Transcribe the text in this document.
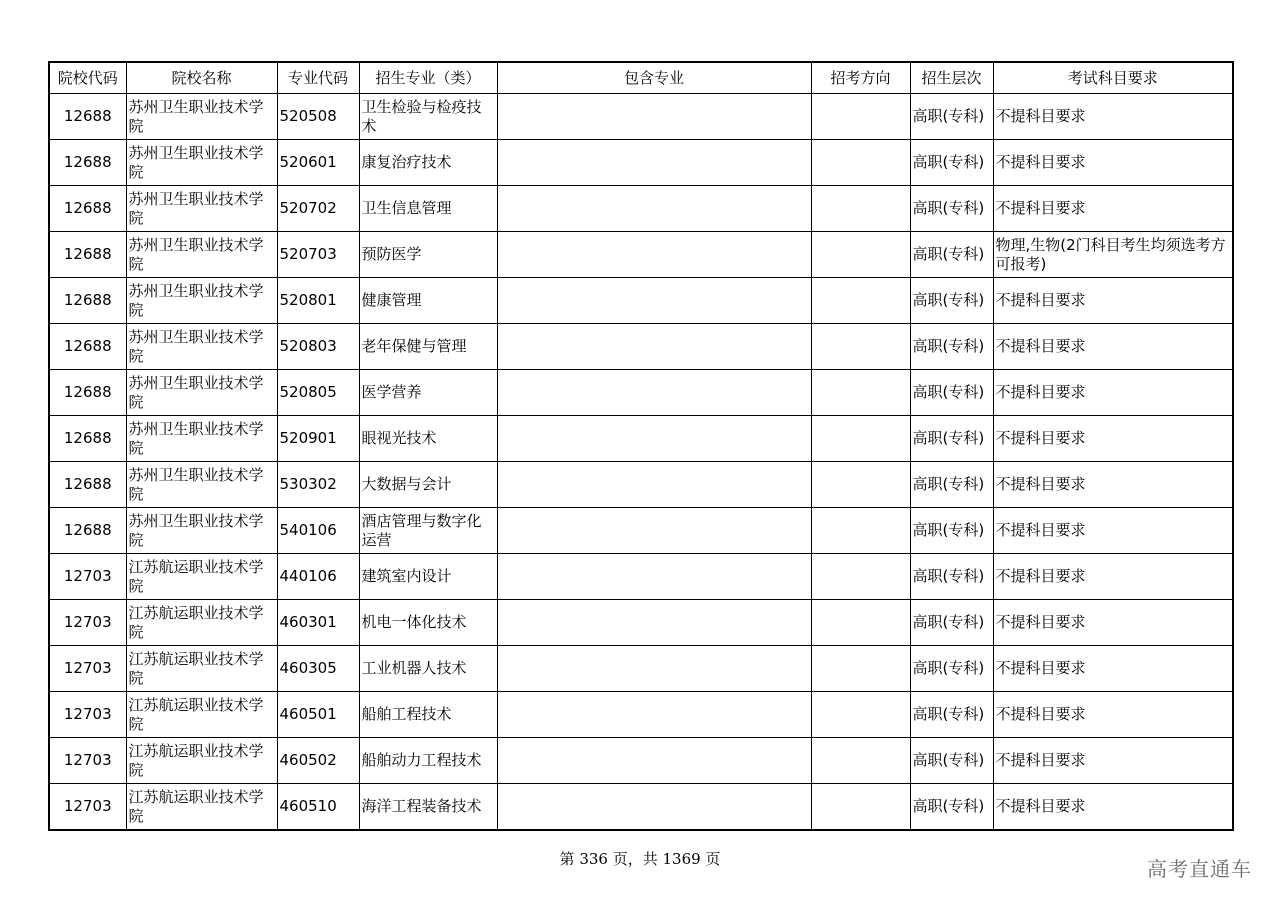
院校代码	院校名称	专业代码	招生专业（类）	包含专业	招考方向	招生层次	考试科目要求
12688	苏州卫生职业技术学院	520508	卫生检验与检疫技术			高职(专科)	不提科目要求
12688	苏州卫生职业技术学院	520601	康复治疗技术			高职(专科)	不提科目要求
12688	苏州卫生职业技术学院	520702	卫生信息管理			高职(专科)	不提科目要求
12688	苏州卫生职业技术学院	520703	预防医学			高职(专科)	物理,生物(2门科目考生均须选考方可报考)
12688	苏州卫生职业技术学院	520801	健康管理			高职(专科)	不提科目要求
12688	苏州卫生职业技术学院	520803	老年保健与管理			高职(专科)	不提科目要求
12688	苏州卫生职业技术学院	520805	医学营养			高职(专科)	不提科目要求
12688	苏州卫生职业技术学院	520901	眼视光技术			高职(专科)	不提科目要求
12688	苏州卫生职业技术学院	530302	大数据与会计			高职(专科)	不提科目要求
12688	苏州卫生职业技术学院	540106	酒店管理与数字化运营			高职(专科)	不提科目要求
12703	江苏航运职业技术学院	440106	建筑室内设计			高职(专科)	不提科目要求
12703	江苏航运职业技术学院	460301	机电一体化技术			高职(专科)	不提科目要求
12703	江苏航运职业技术学院	460305	工业机器人技术			高职(专科)	不提科目要求
12703	江苏航运职业技术学院	460501	船舶工程技术			高职(专科)	不提科目要求
12703	江苏航运职业技术学院	460502	船舶动力工程技术			高职(专科)	不提科目要求
12703	江苏航运职业技术学院	460510	海洋工程装备技术			高职(专科)	不提科目要求
第 336 页，共 1369 页	高考直通车
